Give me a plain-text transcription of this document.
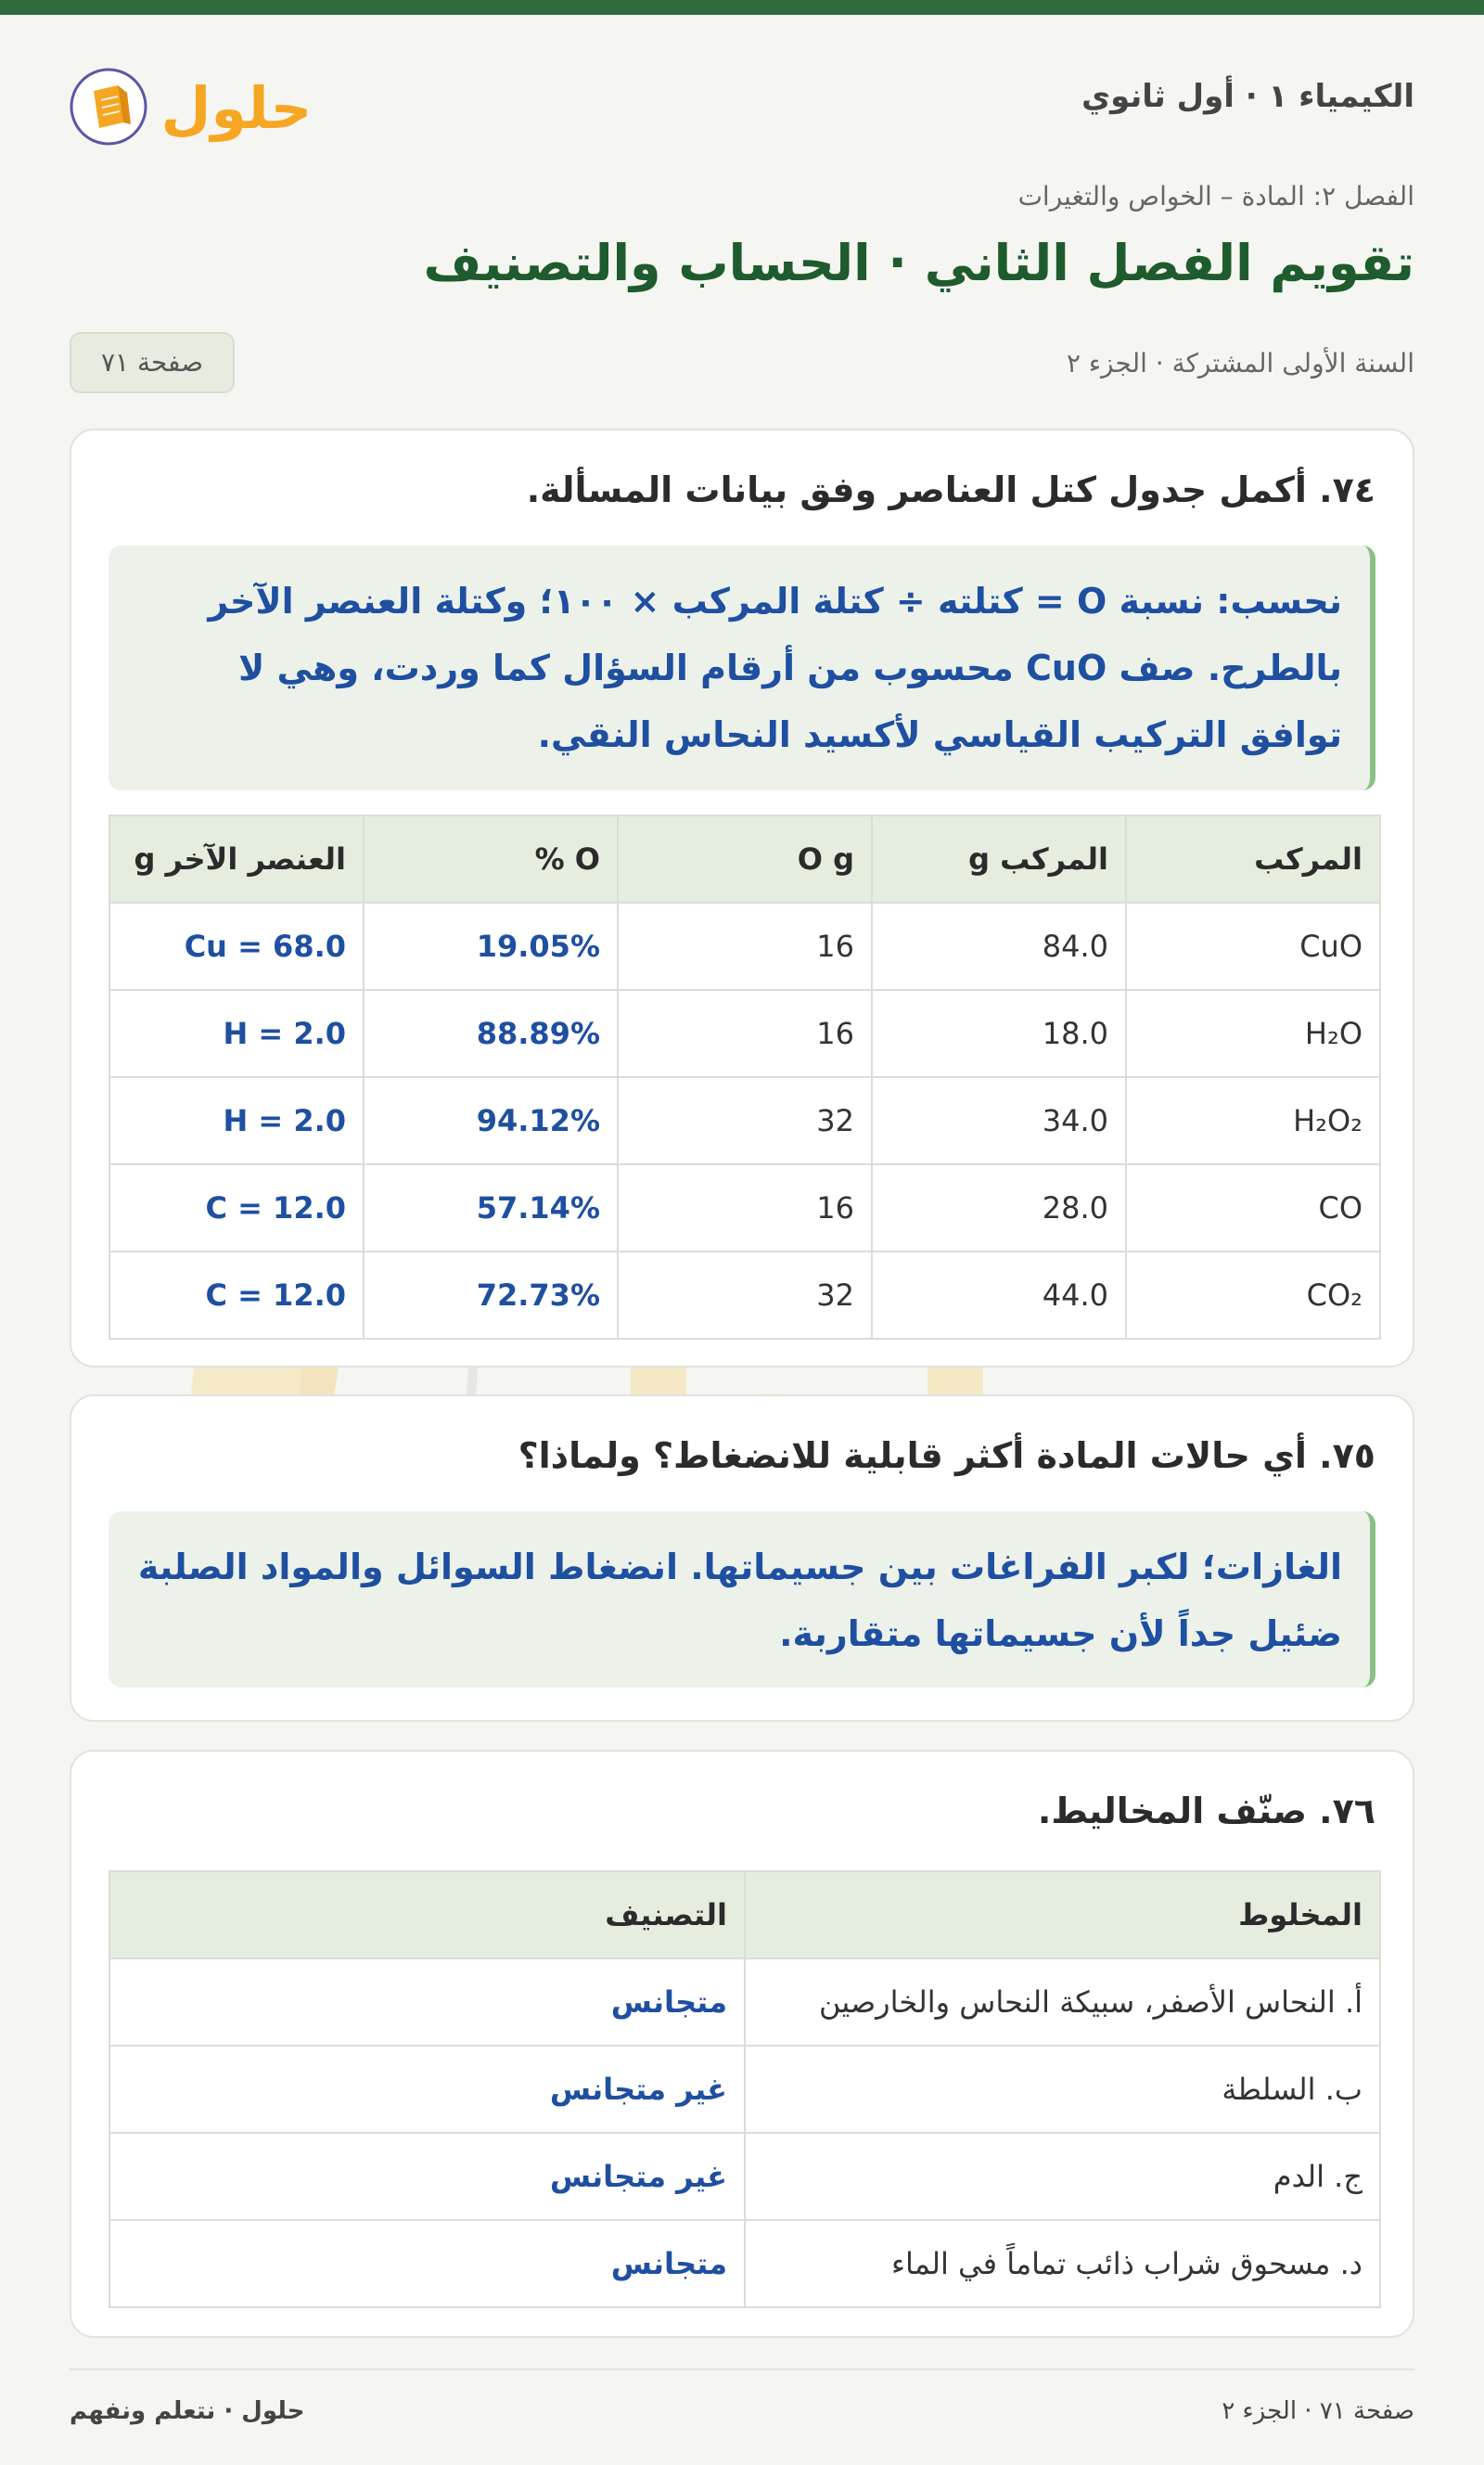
الكيمياء ١ · أول ثانوي
حلول
الفصل ٢: المادة – الخواص والتغيرات
تقويم الفصل الثاني · الحساب والتصنيف
السنة الأولى المشتركة · الجزء ٢
صفحة ٧١
٧٤. أكمل جدول كتل العناصر وفق بيانات المسألة.
نحسب: نسبة O = كتلته ÷ كتلة المركب × ١٠٠؛ وكتلة العنصر الآخر بالطرح. صف CuO محسوب من أرقام السؤال كما وردت، وهي لا توافق التركيب القياسي لأكسيد النحاس النقي.
المركب	المركب g	O g	O %	العنصر الآخر g
CuO	84.0	16	19.05%	Cu = 68.0
H₂O	18.0	16	88.89%	H = 2.0
H₂O₂	34.0	32	94.12%	H = 2.0
CO	28.0	16	57.14%	C = 12.0
CO₂	44.0	32	72.73%	C = 12.0
٧٥. أي حالات المادة أكثر قابلية للانضغاط؟ ولماذا؟
الغازات؛ لكبر الفراغات بين جسيماتها. انضغاط السوائل والمواد الصلبة ضئيل جداً لأن جسيماتها متقاربة.
٧٦. صنّف المخاليط.
المخلوط	التصنيف
أ. النحاس الأصفر، سبيكة النحاس والخارصين	متجانس
ب. السلطة	غير متجانس
ج. الدم	غير متجانس
د. مسحوق شراب ذائب تماماً في الماء	متجانس
صفحة ٧١ · الجزء ٢
حلول · نتعلم ونفهم
